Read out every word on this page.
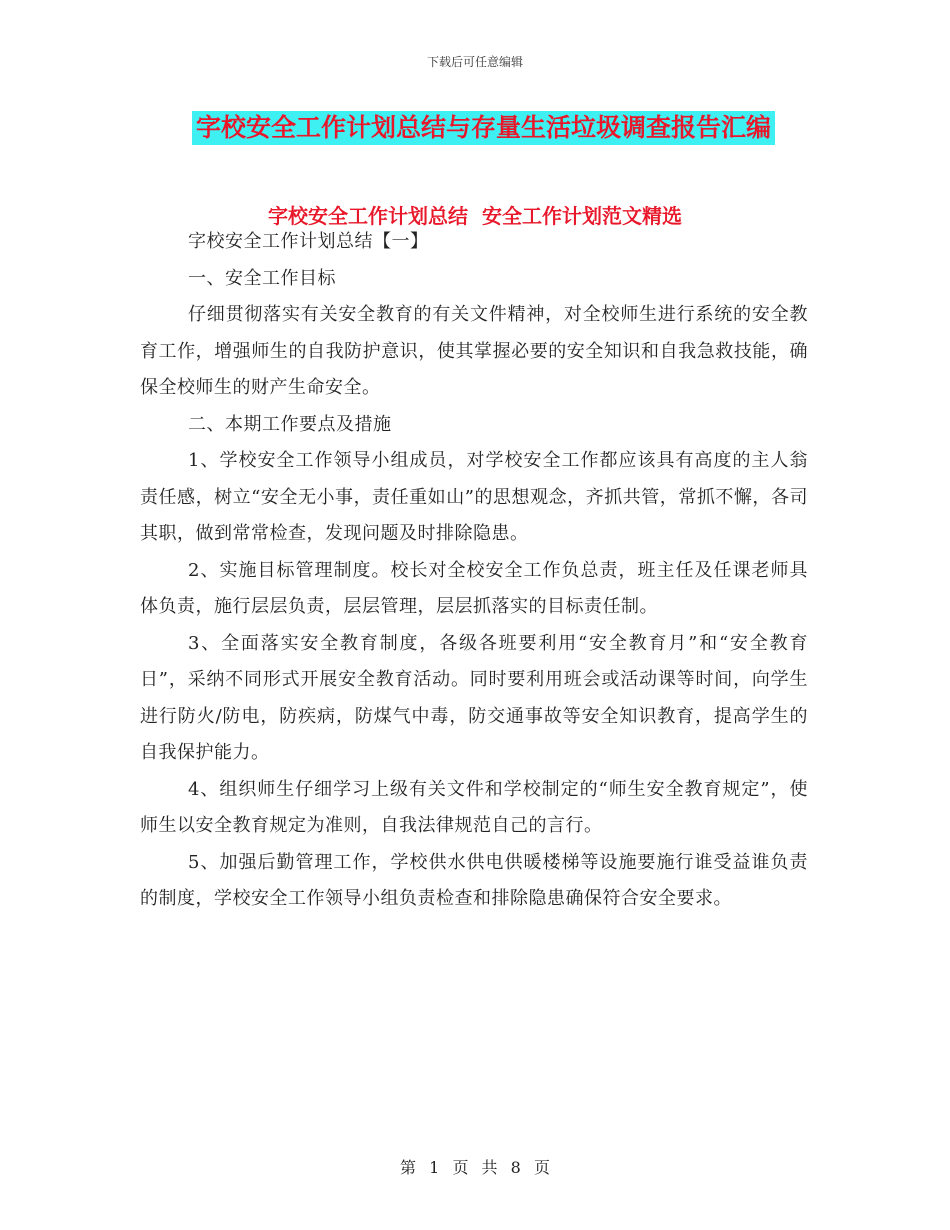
下载后可任意编辑
字校安全工作计划总结与存量生活垃圾调查报告汇编
字校安全工作计划总结  安全工作计划范文精选

字校安全工作计划总结【一】

一、安全工作目标

仔细贯彻落实有关安全教育的有关文件精神，对全校师生进行系统的安全教育工作，增强师生的自我防护意识，使其掌握必要的安全知识和自我急救技能，确保全校师生的财产生命安全。

二、本期工作要点及措施

1、学校安全工作领导小组成员，对学校安全工作都应该具有高度的主人翁责任感，树立“安全无小事，责任重如山”的思想观念，齐抓共管，常抓不懈，各司其职，做到常常检查，发现问题及时排除隐患。

2、实施目标管理制度。校长对全校安全工作负总责，班主任及任课老师具体负责，施行层层负责，层层管理，层层抓落实的目标责任制。

3、全面落实安全教育制度，各级各班要利用“安全教育月”和“安全教育日”，采纳不同形式开展安全教育活动。同时要利用班会或活动课等时间，向学生进行防火/防电，防疾病，防煤气中毒，防交通事故等安全知识教育，提高学生的自我保护能力。

4、组织师生仔细学习上级有关文件和学校制定的“师生安全教育规定”，使师生以安全教育规定为准则，自我法律规范自己的言行。

5、加强后勤管理工作，学校供水供电供暖楼梯等设施要施行谁受益谁负责的制度，学校安全工作领导小组负责检查和排除隐患确保符合安全要求。

第 1 页 共 8 页
